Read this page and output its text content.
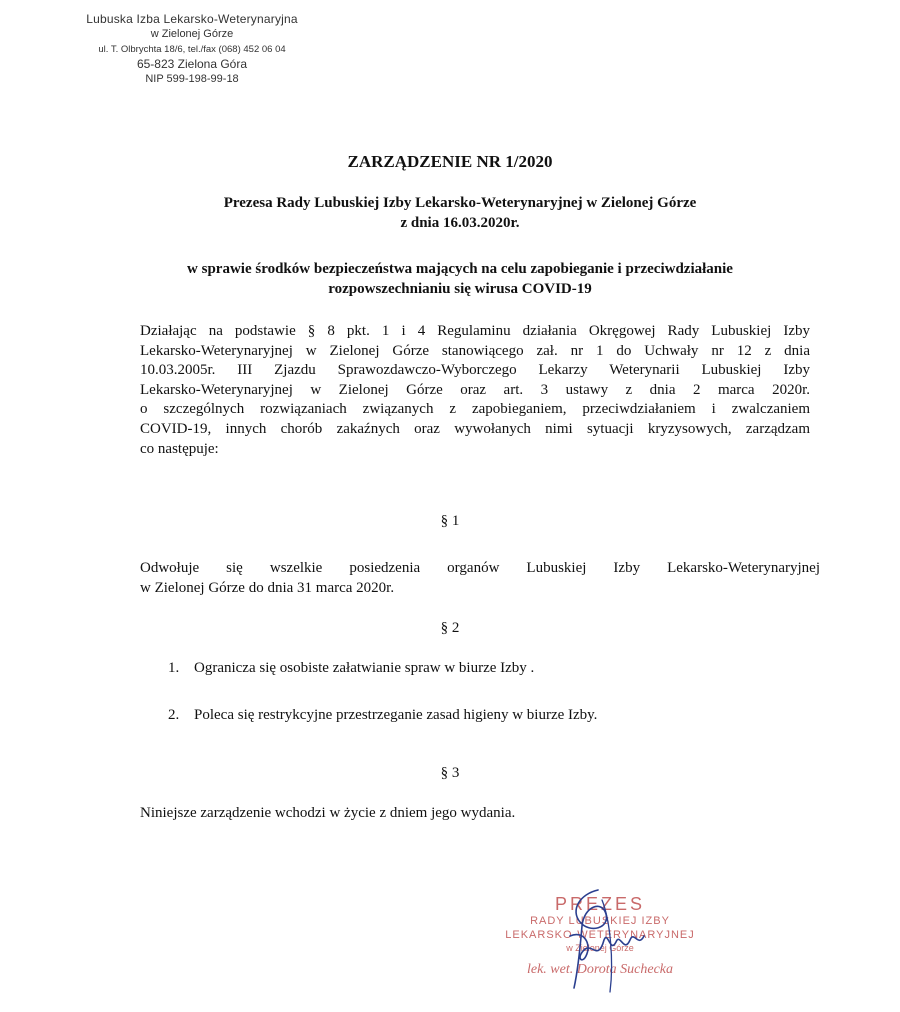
Lubuska Izba Lekarsko-Weterynaryjna
w Zielonej Górze
ul. T. Olbrychta 18/6, tel./fax (068) 452 06 04
65-823 Zielona Góra
NIP 599-198-99-18
ZARZĄDZENIE NR 1/2020
Prezesa Rady Lubuskiej Izby Lekarsko-Weterynaryjnej w Zielonej Górze
z dnia 16.03.2020r.
w sprawie środków bezpieczeństwa mających na celu zapobieganie i przeciwdziałanie
rozpowszechnianiu się wirusa COVID-19
Działając na podstawie § 8 pkt. 1 i 4 Regulaminu działania Okręgowej Rady Lubuskiej Izby
Lekarsko-Weterynaryjnej w Zielonej Górze stanowiącego zał. nr 1 do Uchwały nr 12 z dnia
10.03.2005r. III Zjazdu Sprawozdawczo-Wyborczego Lekarzy Weterynarii Lubuskiej Izby
Lekarsko-Weterynaryjnej w Zielonej Górze oraz art. 3 ustawy z dnia 2 marca 2020r.
o szczególnych rozwiązaniach związanych z zapobieganiem, przeciwdziałaniem i zwalczaniem
COVID-19, innych chorób zakaźnych oraz wywołanych nimi sytuacji kryzysowych, zarządzam
co następuje:
§ 1
Odwołuje się wszelkie posiedzenia organów Lubuskiej Izby Lekarsko-Weterynaryjnej
w Zielonej Górze do dnia 31 marca 2020r.
§ 2
1. Ogranicza się osobiste załatwianie spraw w biurze Izby .
2. Poleca się restrykcyjne przestrzeganie zasad higieny w biurze Izby.
§ 3
Niniejsze zarządzenie wchodzi w życie z dniem jego wydania.
PREZES
RADY LUBUSKIEJ IZBY
LEKARSKO-WETERYNARYJNEJ
w Zielonej Górze
lek. wet. Dorota Suchecka
